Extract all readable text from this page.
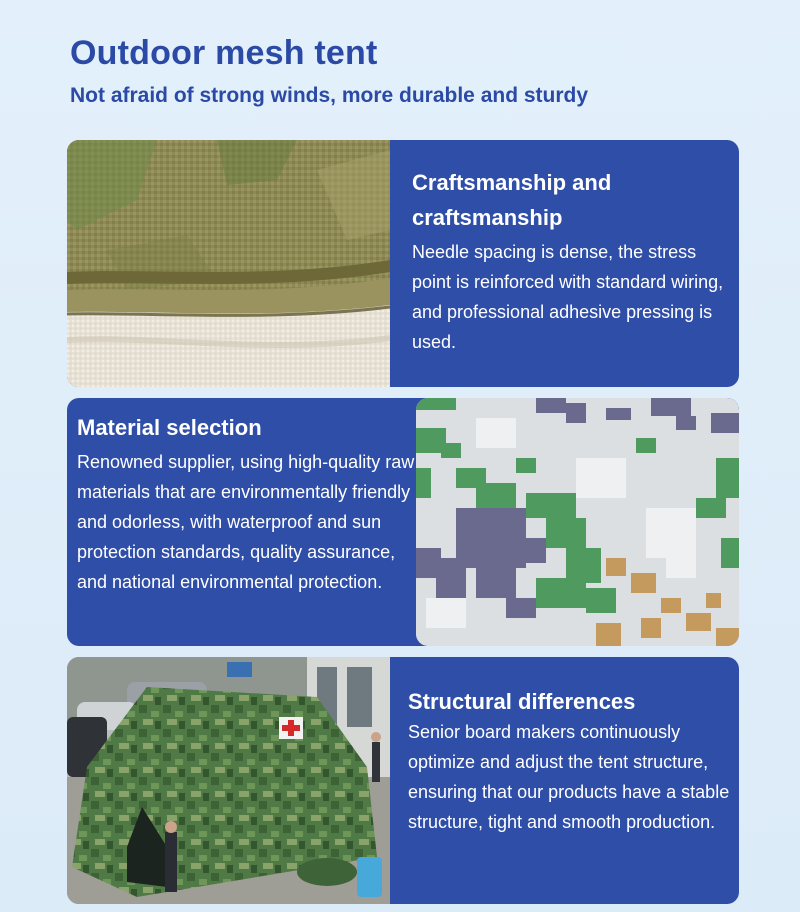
Outdoor mesh tent
Not afraid of strong winds, more durable and sturdy
Craftsmanship and craftsmanship
Needle spacing is dense, the stress point is reinforced with standard wiring, and professional adhesive pressing is used.
Material selection
Renowned supplier, using high-quality raw materials that are environmentally friendly and odorless, with waterproof and sun protection standards, quality assurance, and national environmental protection.
Structural differences
Senior board makers continuously optimize and adjust the tent structure, ensuring that our products have a stable structure, tight and smooth production.
